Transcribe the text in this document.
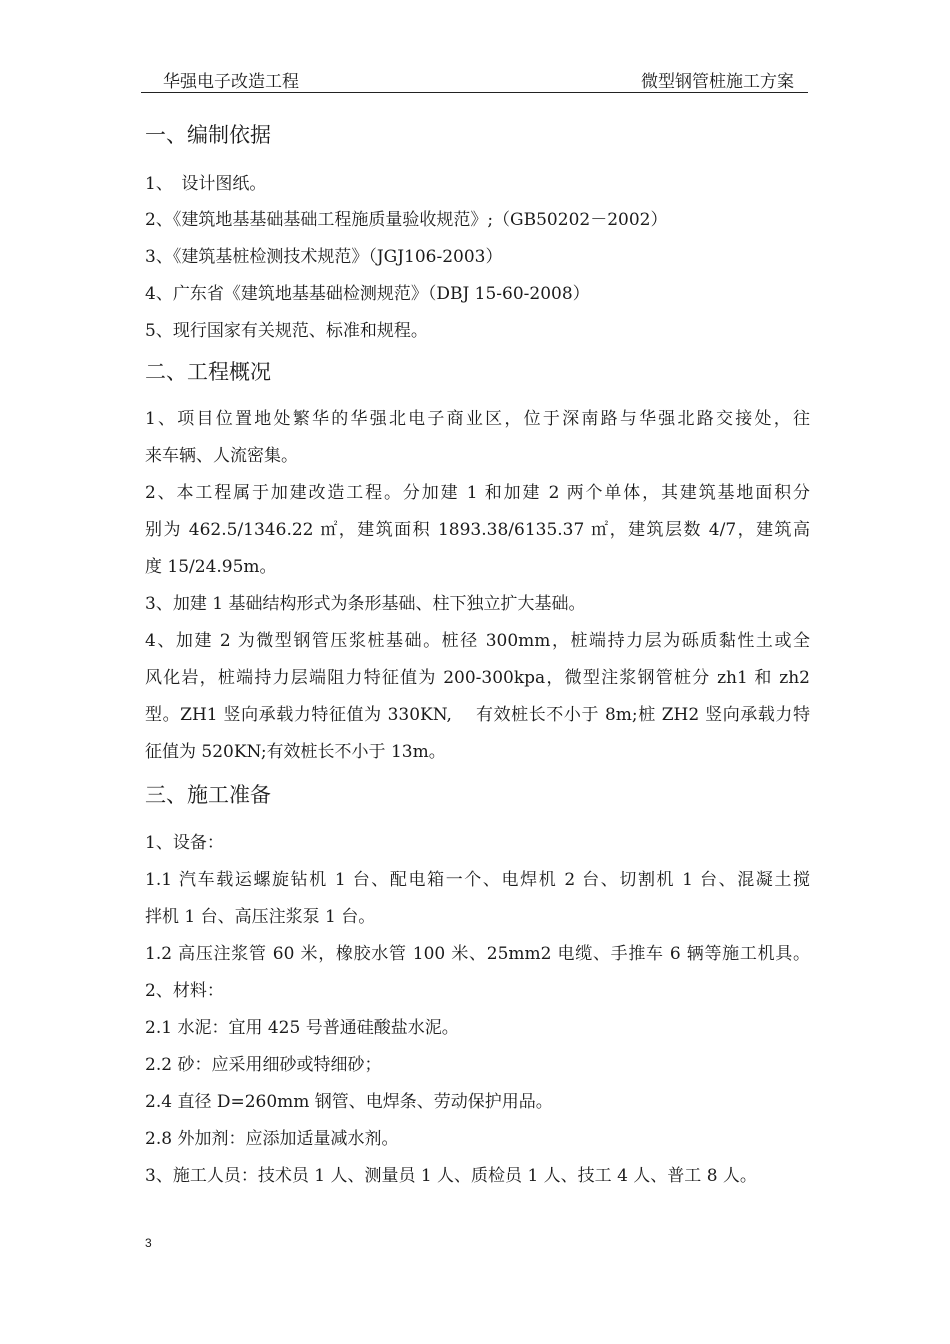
华强电子改造工程	微型钢管桩施工方案
一、编制依据
1、　设计图纸。
2、《建筑地基基础基础工程施质量验收规范》;（GB50202－2002）
3、《建筑基桩检测技术规范》（JGJ106-2003）
4、广东省《建筑地基基础检测规范》（DBJ 15-60-2008）
5、现行国家有关规范、标准和规程。
二、工程概况
1、项目位置地处繁华的华强北电子商业区，位于深南路与华强北路交接处，往
来车辆、人流密集。
2、本工程属于加建改造工程。分加建 1 和加建 2 两个单体，其建筑基地面积分
别为 462.5/1346.22 ㎡，建筑面积 1893.38/6135.37 ㎡，建筑层数 4/7，建筑高
度 15/24.95m。
3、加建 1 基础结构形式为条形基础、柱下独立扩大基础。
4、加建 2 为微型钢管压浆桩基础。桩径 300mm，桩端持力层为砾质黏性土或全
风化岩，桩端持力层端阻力特征值为 200-300kpa，微型注浆钢管桩分 zh1 和 zh2
型。ZH1 竖向承载力特征值为 330KN,　 有效桩长不小于 8m;桩 ZH2 竖向承载力特
征值为 520KN;有效桩长不小于 13m。
三、施工准备
1、设备：
1.1 汽车载运螺旋钻机 1 台、配电箱一个、电焊机 2 台、切割机 1 台、混凝土搅
拌机 1 台、高压注浆泵 1 台。
1.2 高压注浆管 60 米，橡胶水管 100 米、25mm2 电缆、手推车 6 辆等施工机具。
2、材料：
2.1 水泥：宜用 425 号普通硅酸盐水泥。
2.2 砂：应采用细砂或特细砂；
2.4 直径 D=260mm 钢管、电焊条、劳动保护用品。
2.8 外加剂：应添加适量减水剂。
3、施工人员：技术员 1 人、测量员 1 人、质检员 1 人、技工 4 人、普工 8 人。
3
